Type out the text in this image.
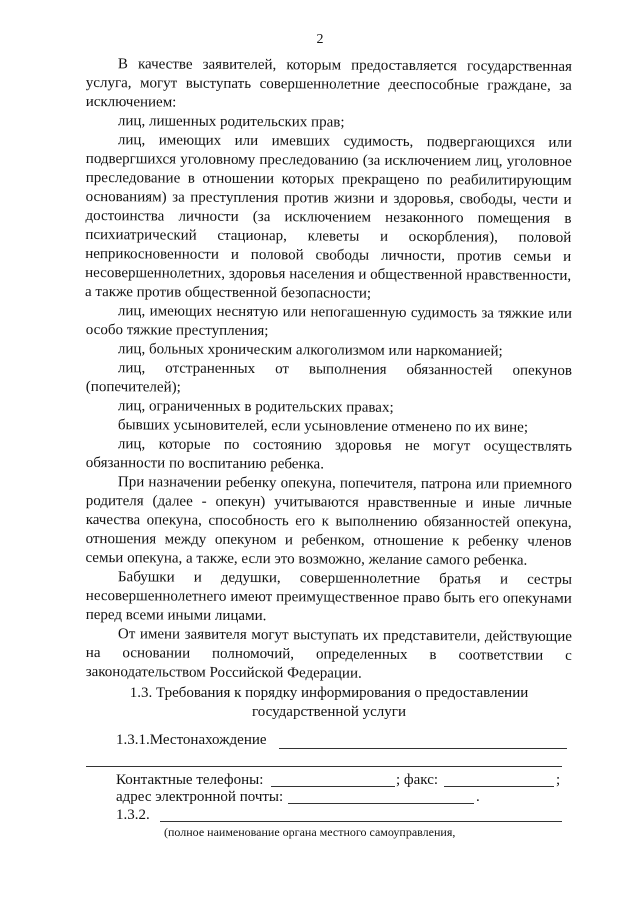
2

В качестве заявителей, которым предоставляется государственная услуга, могут выступать совершеннолетние дееспособные граждане, за исключением:

лиц, лишенных родительских прав;

лиц, имеющих или имевших судимость, подвергающихся или подвергшихся уголовному преследованию (за исключением лиц, уголовное преследование в отношении которых прекращено по реабилитирующим основаниям) за преступления против жизни и здоровья, свободы, чести и достоинства личности (за исключением незаконного помещения в психиатрический стационар, клеветы и оскорбления), половой неприкосновенности и половой свободы личности, против семьи и несовершеннолетних, здоровья населения и общественной нравственности, а также против общественной безопасности;

лиц, имеющих неснятую или непогашенную судимость за тяжкие или особо тяжкие преступления;

лиц, больных хроническим алкоголизмом или наркоманией;

лиц, отстраненных от выполнения обязанностей опекунов (попечителей);

лиц, ограниченных в родительских правах;

бывших усыновителей, если усыновление отменено по их вине;

лиц, которые по состоянию здоровья не могут осуществлять обязанности по воспитанию ребенка.

При назначении ребенку опекуна, попечителя, патрона или приемного родителя (далее - опекун) учитываются нравственные и иные личные качества опекуна, способность его к выполнению обязанностей опекуна, отношения между опекуном и ребенком, отношение к ребенку членов семьи опекуна, а также, если это возможно, желание самого ребенка.

Бабушки и дедушки, совершеннолетние братья и сестры несовершеннолетнего имеют преимущественное право быть его опекунами перед всеми иными лицами.

От имени заявителя могут выступать их представители, действующие на основании полномочий, определенных в соответствии с законодательством Российской Федерации.

1.3. Требования к порядку информирования о предоставлении
государственной услуги
1.3.1.Местонахождение
Контактные телефоны:	; факс:	;
адрес электронной почты:	.
1.3.2.
(полное наименование органа местного самоуправления,
